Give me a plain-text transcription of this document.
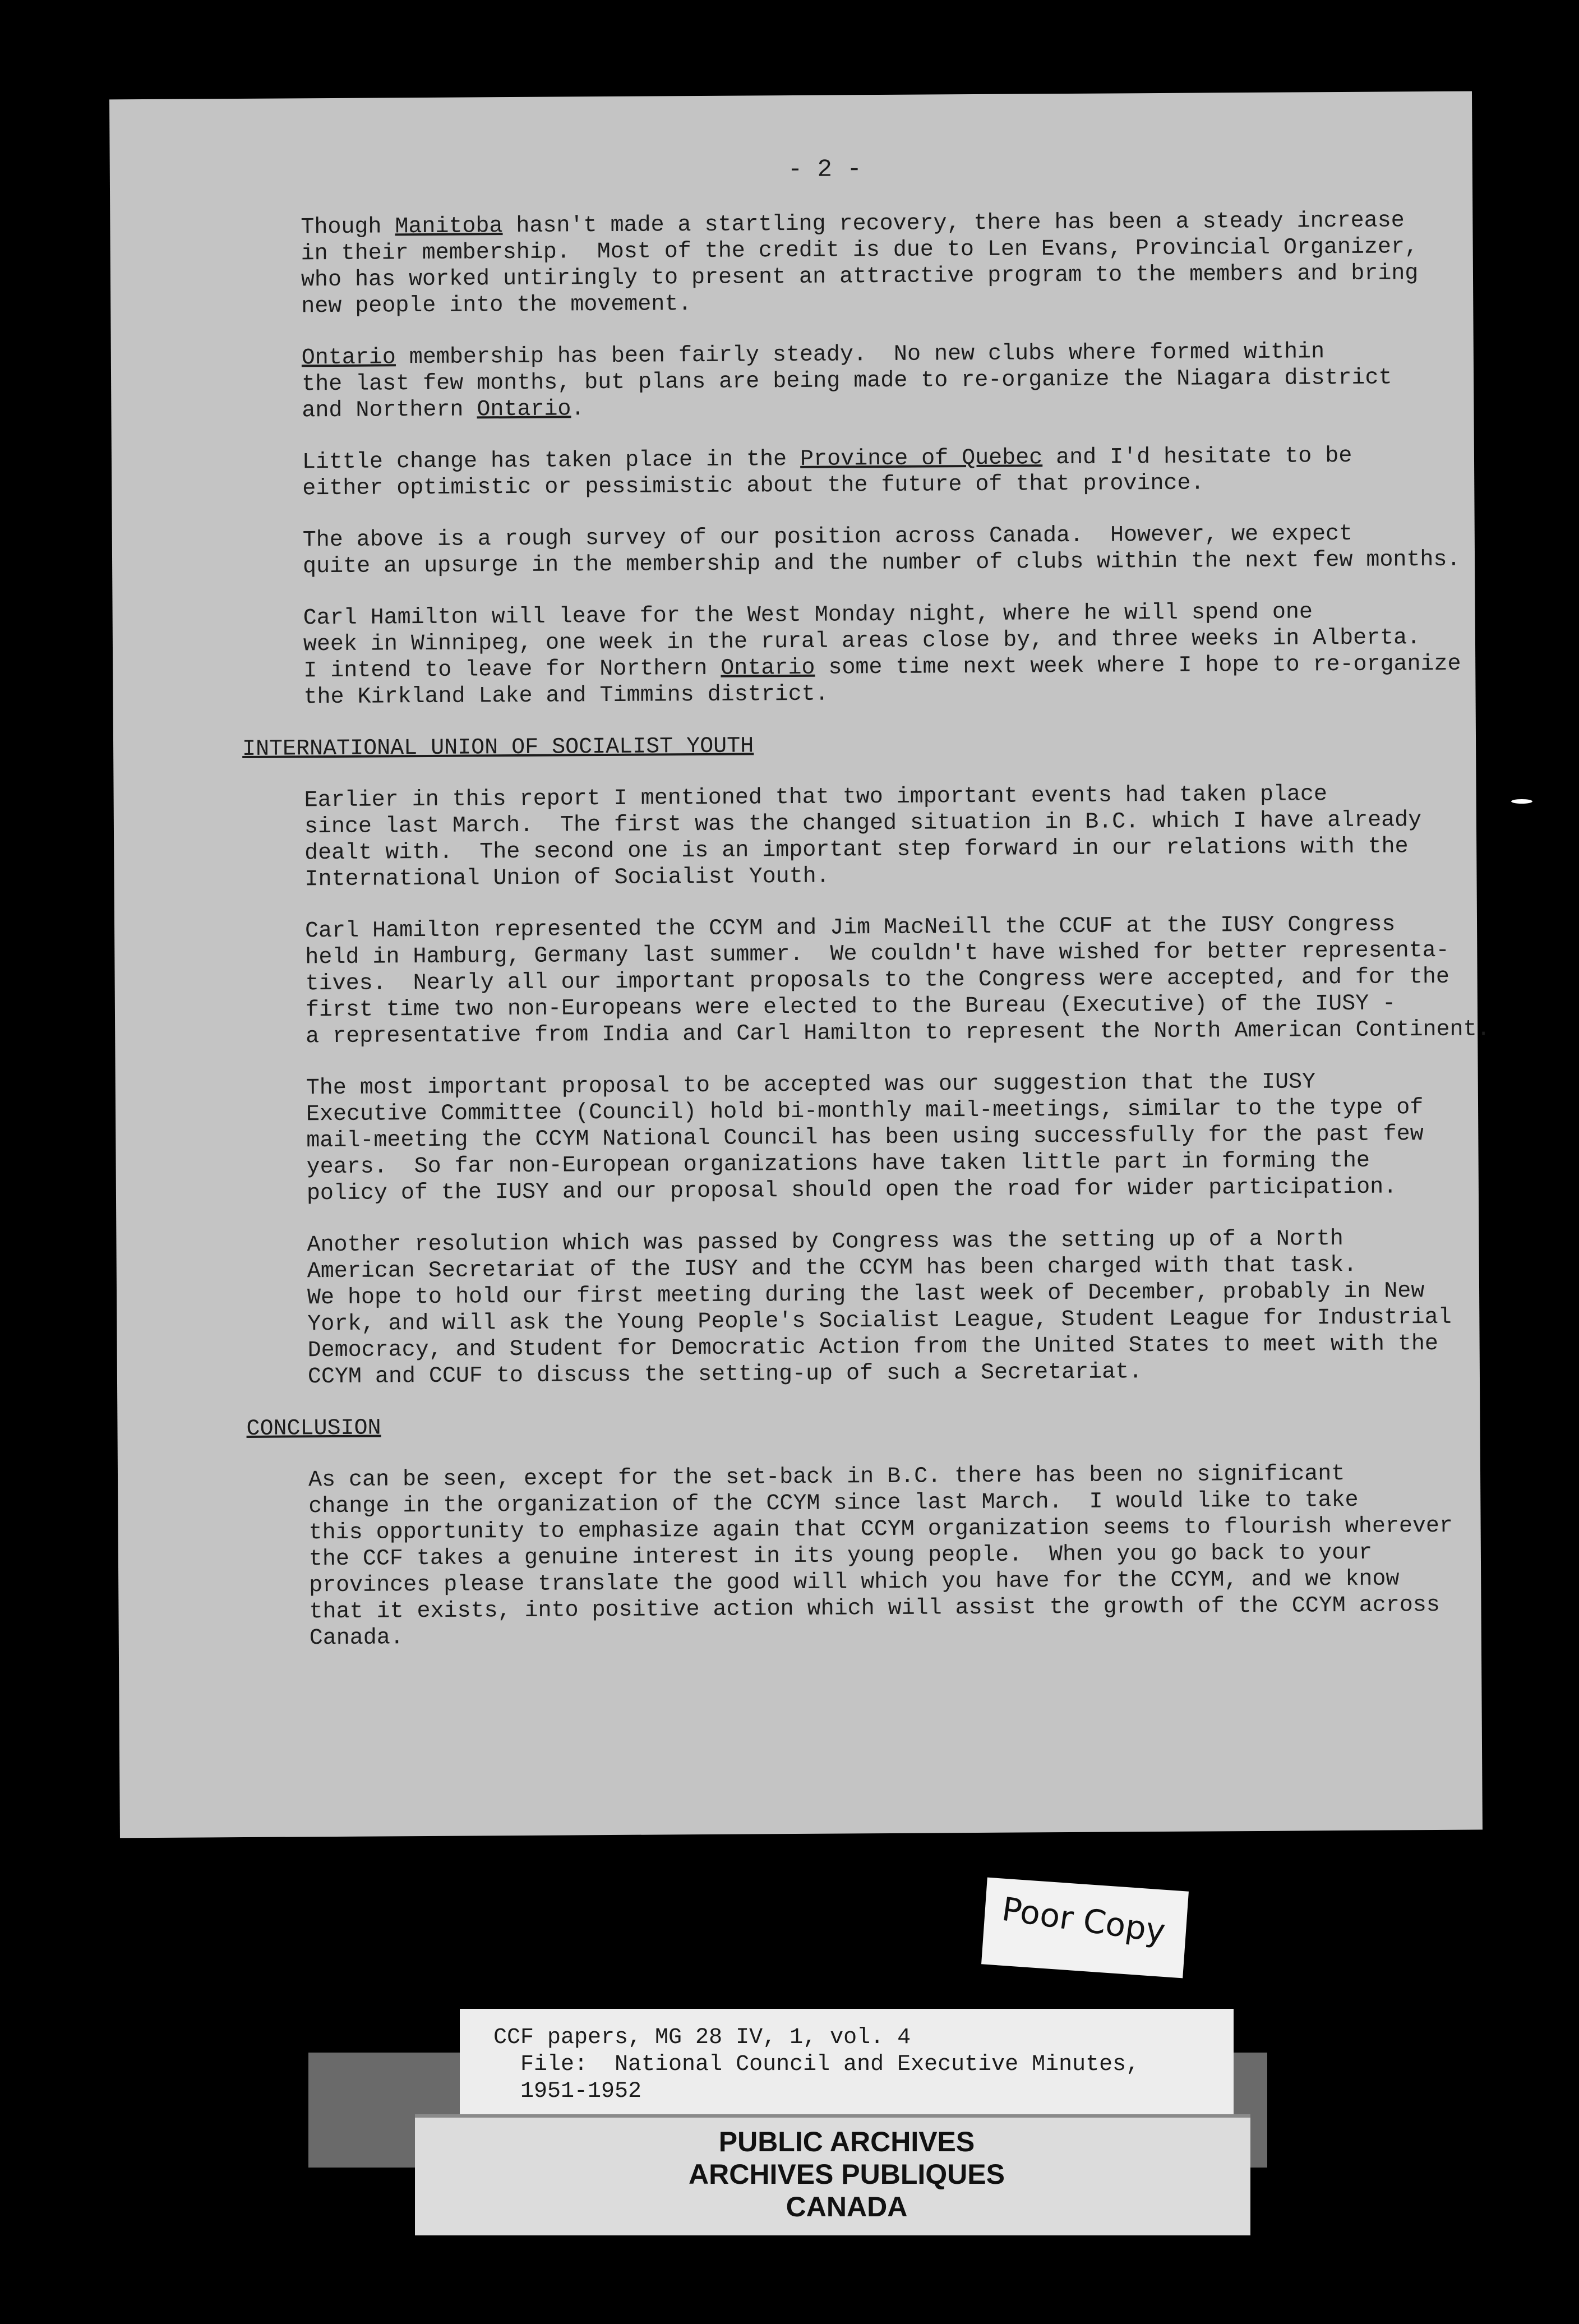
- 2 -
Though Manitoba hasn't made a startling recovery, there has been a steady increase
in their membership.  Most of the credit is due to Len Evans, Provincial Organizer,
who has worked untiringly to present an attractive program to the members and bring
new people into the movement.
Ontario membership has been fairly steady.  No new clubs where formed within
the last few months, but plans are being made to re-organize the Niagara district
and Northern Ontario.
Little change has taken place in the Province of Quebec and I'd hesitate to be
either optimistic or pessimistic about the future of that province.
The above is a rough survey of our position across Canada.  However, we expect
quite an upsurge in the membership and the number of clubs within the next few months.
Carl Hamilton will leave for the West Monday night, where he will spend one
week in Winnipeg, one week in the rural areas close by, and three weeks in Alberta.
I intend to leave for Northern Ontario some time next week where I hope to re-organize
the Kirkland Lake and Timmins district.
INTERNATIONAL UNION OF SOCIALIST YOUTH
Earlier in this report I mentioned that two important events had taken place
since last March.  The first was the changed situation in B.C. which I have already
dealt with.  The second one is an important step forward in our relations with the
International Union of Socialist Youth.
Carl Hamilton represented the CCYM and Jim MacNeill the CCUF at the IUSY Congress
held in Hamburg, Germany last summer.  We couldn't have wished for better representa-
tives.  Nearly all our important proposals to the Congress were accepted, and for the
first time two non-Europeans were elected to the Bureau (Executive) of the IUSY -
a representative from India and Carl Hamilton to represent the North American Continent.
The most important proposal to be accepted was our suggestion that the IUSY
Executive Committee (Council) hold bi-monthly mail-meetings, similar to the type of
mail-meeting the CCYM National Council has been using successfully for the past few
years.  So far non-European organizations have taken little part in forming the
policy of the IUSY and our proposal should open the road for wider participation.
Another resolution which was passed by Congress was the setting up of a North
American Secretariat of the IUSY and the CCYM has been charged with that task.
We hope to hold our first meeting during the last week of December, probably in New
York, and will ask the Young People's Socialist League, Student League for Industrial
Democracy, and Student for Democratic Action from the United States to meet with the
CCYM and CCUF to discuss the setting-up of such a Secretariat.
CONCLUSION
As can be seen, except for the set-back in B.C. there has been no significant
change in the organization of the CCYM since last March.  I would like to take
this opportunity to emphasize again that CCYM organization seems to flourish wherever
the CCF takes a genuine interest in its young people.  When you go back to your
provinces please translate the good will which you have for the CCYM, and we know
that it exists, into positive action which will assist the growth of the CCYM across
Canada.
Poor Copy
CCF papers, MG 28 IV, 1, vol. 4
File:  National Council and Executive Minutes,
1951-1952
PUBLIC ARCHIVES
ARCHIVES PUBLIQUES
CANADA
